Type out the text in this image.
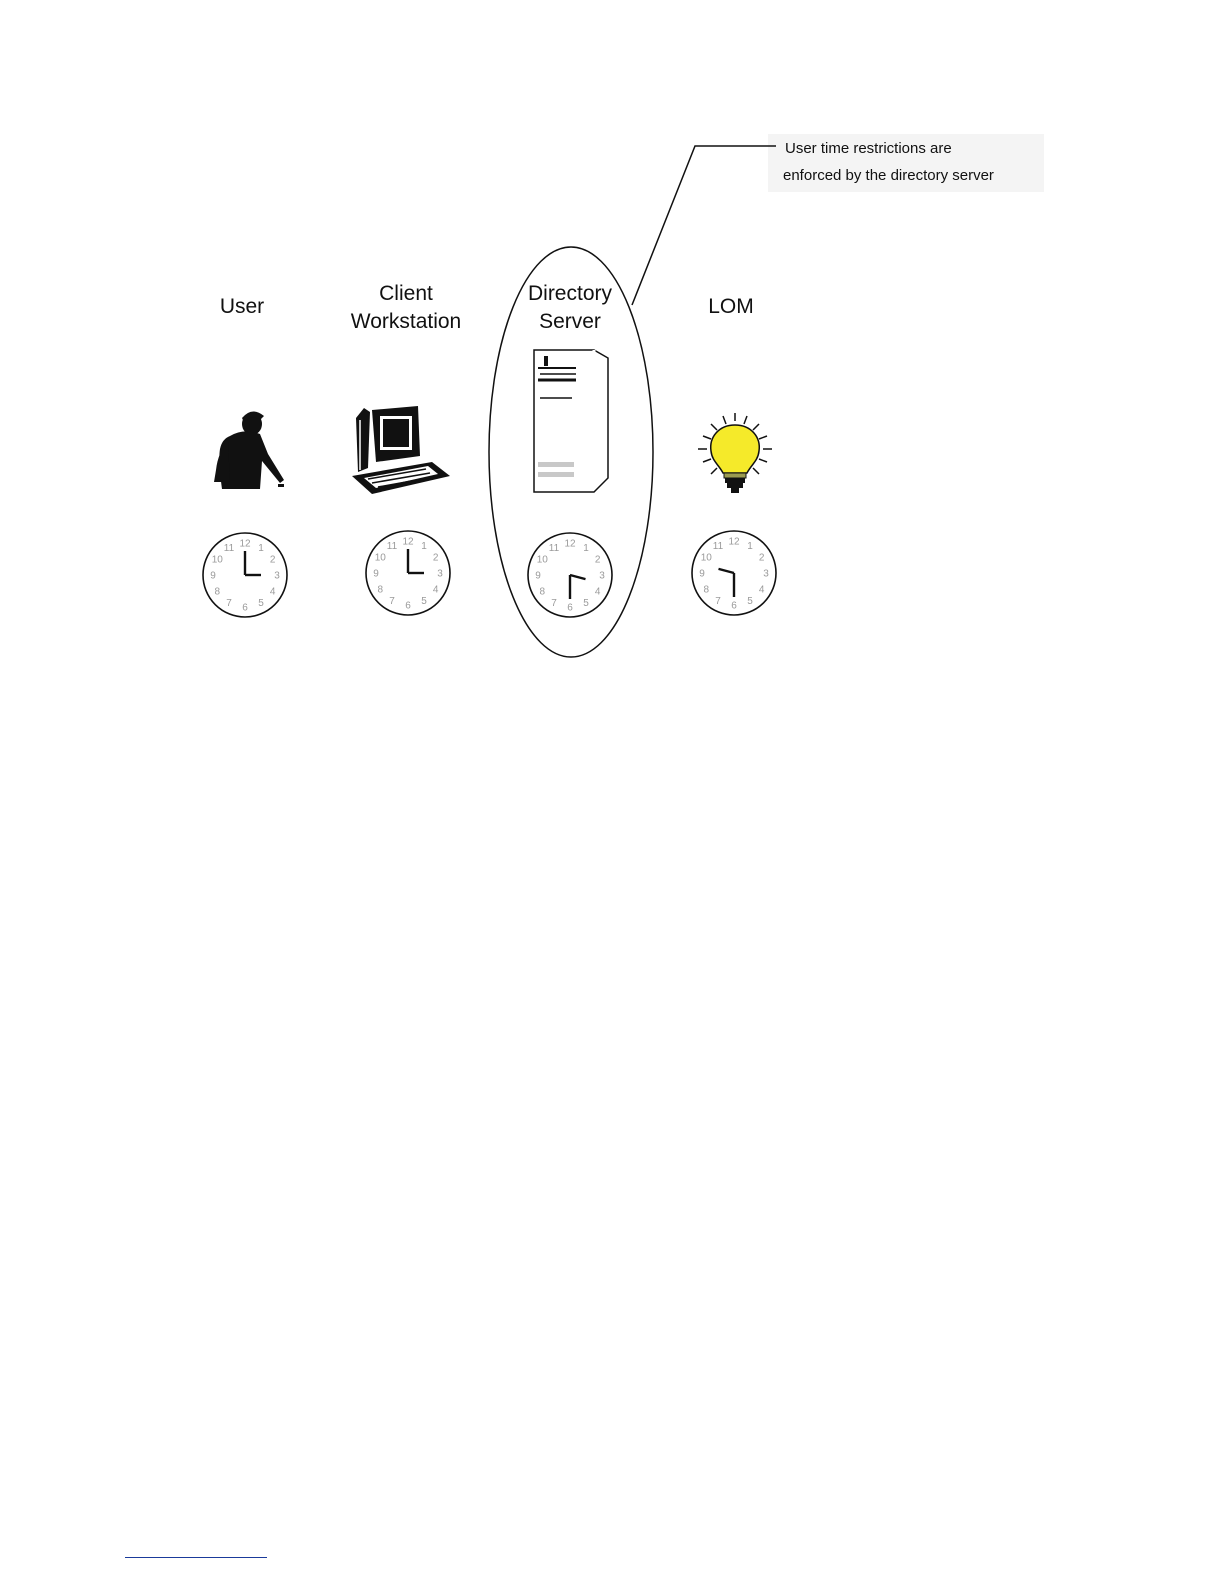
User time restrictions are
enforced by the directory server
User
Client
Workstation
Directory
Server
LOM
12 1
2
3
4
5
6
7
8
9
10
11
12 1
2
3
4
5
6
7
8
9
10
11	12 1
2
3
4
5
6
7
8
9
10
11
12 1
2
3
4
5
6
7
8
9
10
11
